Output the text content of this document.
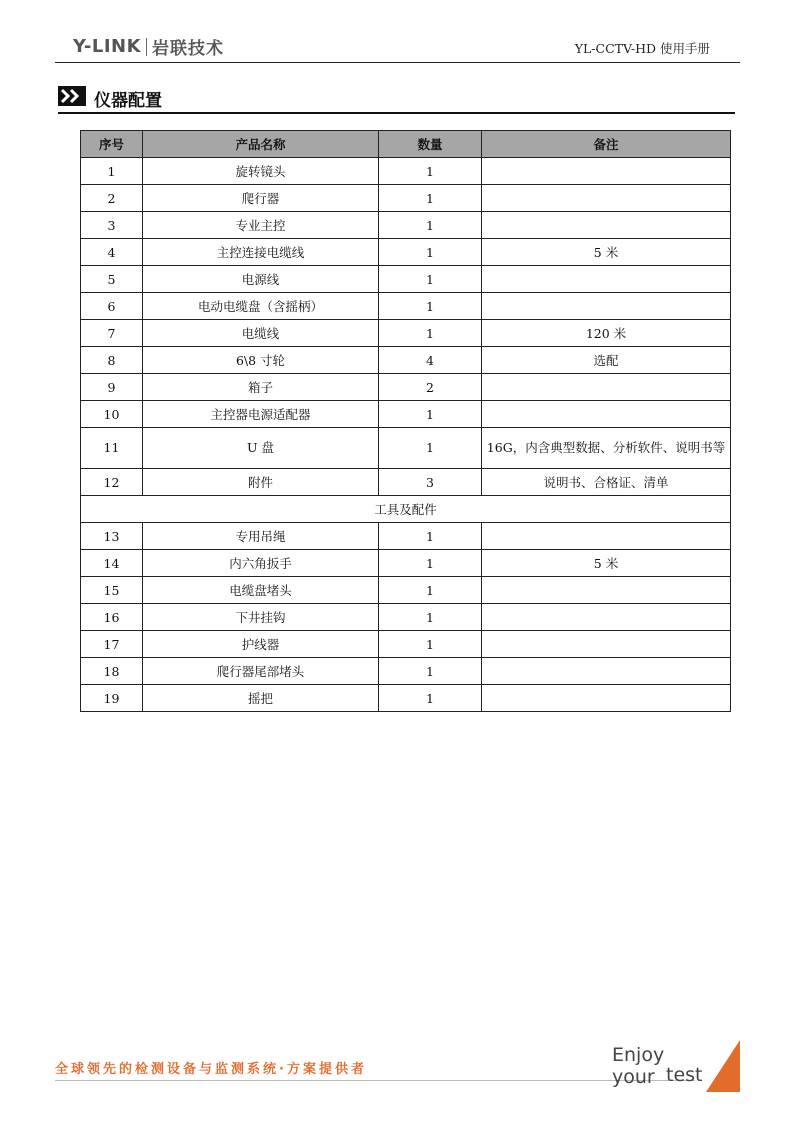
Y-LINK 岩联技术	YL-CCTV-HD 使用手册
仪器配置
序号	产品名称	数量	备注
1	旋转镜头	1	
2	爬行器	1	
3	专业主控	1	
4	主控连接电缆线	1	5 米
5	电源线	1	
6	电动电缆盘（含摇柄）	1	
7	电缆线	1	120 米
8	6\8 寸轮	4	选配
9	箱子	2	
10	主控器电源适配器	1	
11	U 盘	1	16G，内含典型数据、分析软件、说明书等
12	附件	3	说明书、合格证、清单
工具及配件			
13	专用吊绳	1	
14	内六角扳手	1	5 米
15	电缆盘堵头	1	
16	下井挂钩	1	
17	护线器	1	
18	爬行器尾部堵头	1	
19	摇把	1	
全球领先的检测设备与监测系统·方案提供者
Enjoy your test
